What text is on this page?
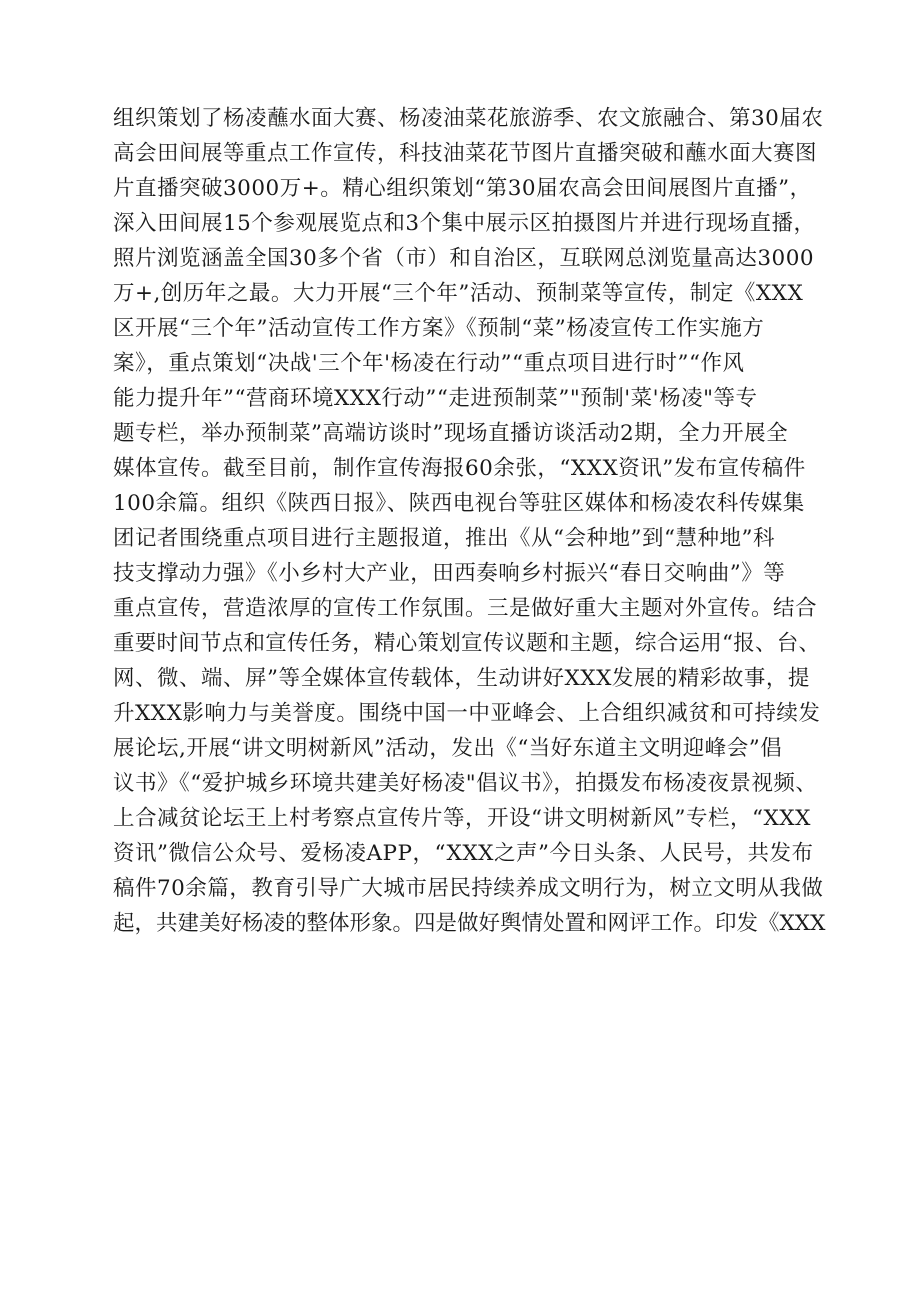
组织策划了杨凌蘸水面大赛、杨凌油菜花旅游季、农文旅融合、第30届农
高会田间展等重点工作宣传，科技油菜花节图片直播突破和蘸水面大赛图
片直播突破3000万+。精心组织策划“第30届农高会田间展图片直播”，
深入田间展15个参观展览点和3个集中展示区拍摄图片并进行现场直播，
照片浏览涵盖全国30多个省（市）和自治区，互联网总浏览量高达3000
万+,创历年之最。大力开展“三个年”活动、预制菜等宣传，制定《XXX
区开展“三个年”活动宣传工作方案》《预制“菜”杨凌宣传工作实施方
案》，重点策划“决战'三个年'杨凌在行动”“重点项目进行时”“作风
能力提升年”“营商环境XXX行动”“走进预制菜”"预制'菜'杨凌"等专
题专栏，举办预制菜”高端访谈时”现场直播访谈活动2期，全力开展全
媒体宣传。截至目前，制作宣传海报60余张，“XXX资讯”发布宣传稿件
100余篇。组织《陕西日报》、陕西电视台等驻区媒体和杨凌农科传媒集
团记者围绕重点项目进行主题报道，推出《从“会种地”到“慧种地”科
技支撑动力强》《小乡村大产业，田西奏响乡村振兴“春日交响曲”》等
重点宣传，营造浓厚的宣传工作氛围。三是做好重大主题对外宣传。结合
重要时间节点和宣传任务，精心策划宣传议题和主题，综合运用“报、台、
网、微、端、屏”等全媒体宣传载体，生动讲好XXX发展的精彩故事，提
升XXX影响力与美誉度。围绕中国一中亚峰会、上合组织减贫和可持续发
展论坛,开展“讲文明树新风”活动，发出《“当好东道主文明迎峰会”倡
议书》《“爱护城乡环境共建美好杨凌"倡议书》，拍摄发布杨凌夜景视频、
上合减贫论坛王上村考察点宣传片等，开设“讲文明树新风”专栏，“XXX
资讯”微信公众号、爱杨凌APP，“XXX之声”今日头条、人民号，共发布
稿件70余篇，教育引导广大城市居民持续养成文明行为，树立文明从我做
起，共建美好杨凌的整体形象。四是做好舆情处置和网评工作。印发《XXX
